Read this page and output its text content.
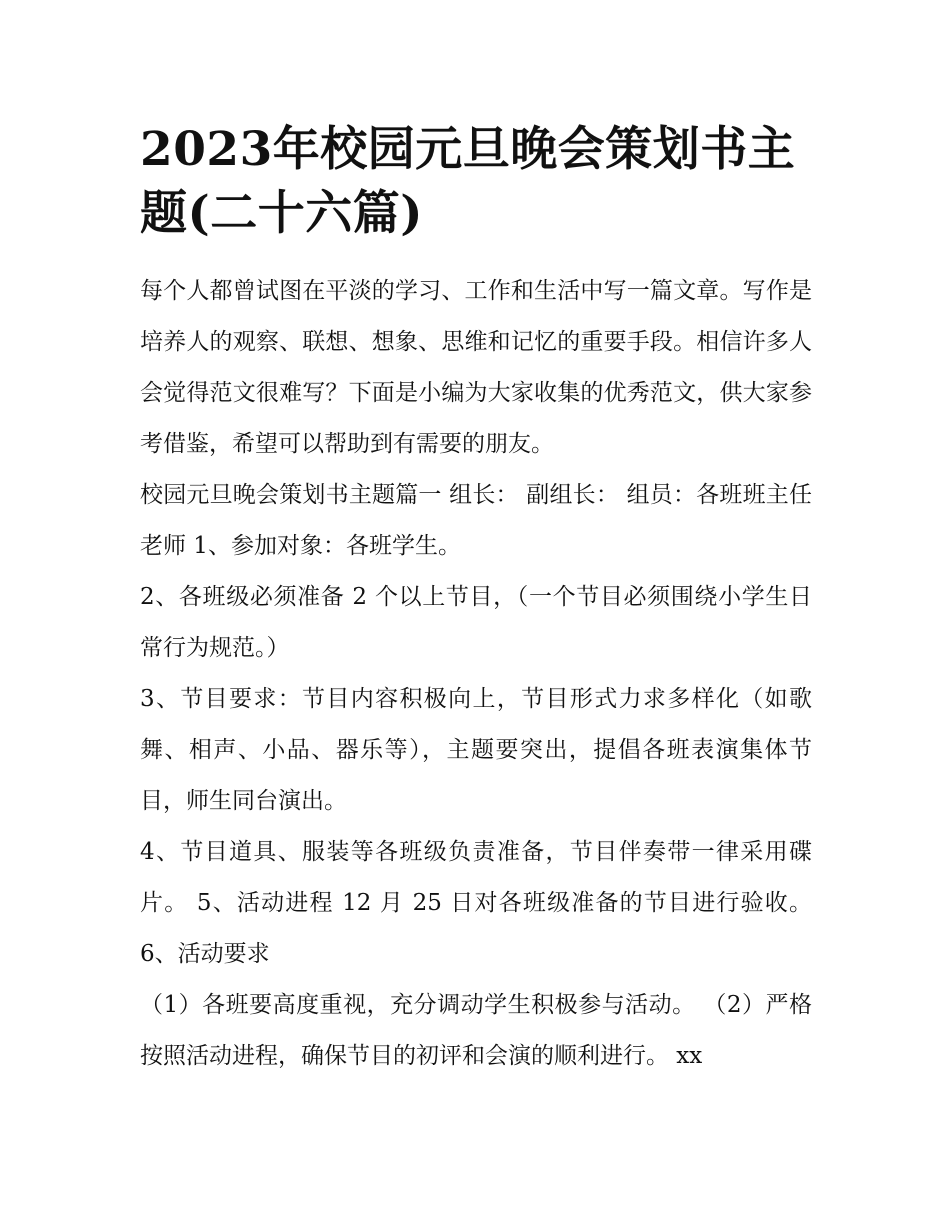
2023年校园元旦晚会策划书主题(二十六篇)

每个人都曾试图在平淡的学习、工作和生活中写一篇文章。写作是培养人的观察、联想、想象、思维和记忆的重要手段。相信许多人会觉得范文很难写？下面是小编为大家收集的优秀范文，供大家参考借鉴，希望可以帮助到有需要的朋友。

校园元旦晚会策划书主题篇一 组长： 副组长： 组员：各班班主任老师 1、参加对象：各班学生。

2、各班级必须准备 2 个以上节目，（一个节目必须围绕小学生日常行为规范。）

3、节目要求：节目内容积极向上，节目形式力求多样化（如歌舞、相声、小品、器乐等），主题要突出，提倡各班表演集体节目，师生同台演出。

4、节目道具、服装等各班级负责准备，节目伴奏带一律采用碟片。 5、活动进程 12 月 25 日对各班级准备的节目进行验收。 6、活动要求

（1）各班要高度重视，充分调动学生积极参与活动。 （2）严格按照活动进程，确保节目的初评和会演的顺利进行。 xx
